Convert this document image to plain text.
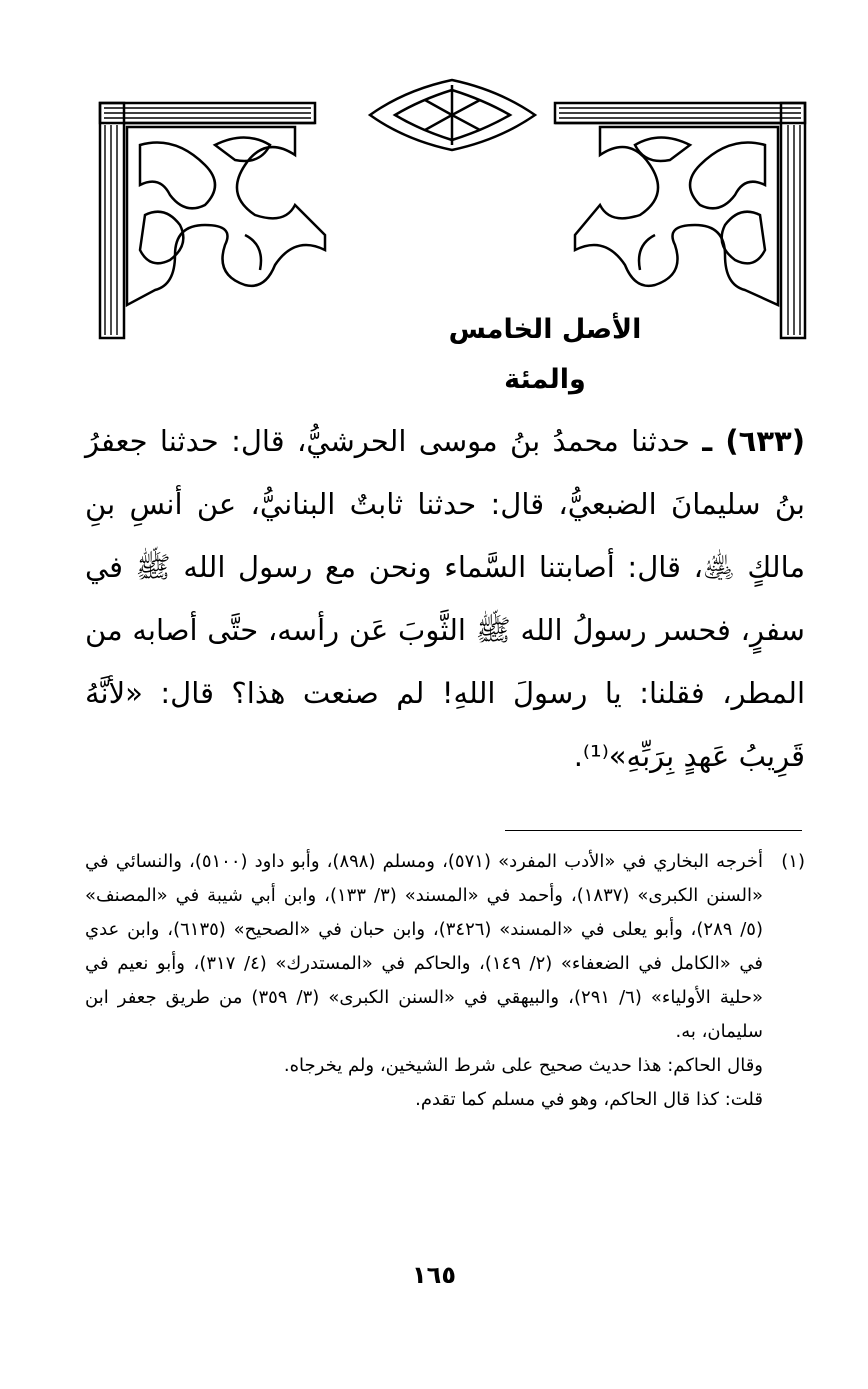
الأصل الخامس والمئة

(٦٣٣) ـ حدثنا محمدُ بنُ موسى الحرشيُّ، قال: حدثنا جعفرُ بنُ سليمانَ الضبعيُّ، قال: حدثنا ثابتٌ البنانيُّ، عن أنسِ بنِ مالكٍ ﵁، قال: أصابتنا السَّماء ونحن مع رسول الله ﷺ في سفرٍ، فحسر رسولُ الله ﷺ الثَّوبَ عَن رأسه، حتَّى أصابه من المطر، فقلنا: يا رسولَ اللهِ! لم صنعت هذا؟ قال: «لأنَّهُ قَرِيبُ عَهدٍ بِرَبِّهِ»⁽¹⁾.

(١)
أخرجه البخاري في «الأدب المفرد» (٥٧١)، ومسلم (٨٩٨)، وأبو داود (٥١٠٠)، والنسائي في «السنن الكبرى» (١٨٣٧)، وأحمد في «المسند» (٣/ ١٣٣)، وابن أبي شيبة في «المصنف» (٥/ ٢٨٩)، وأبو يعلى في «المسند» (٣٤٢٦)، وابن حبان في «الصحيح» (٦١٣٥)، وابن عدي في «الكامل في الضعفاء» (٢/ ١٤٩)، والحاكم في «المستدرك» (٤/ ٣١٧)، وأبو نعيم في «حلية الأولياء» (٦/ ٢٩١)، والبيهقي في «السنن الكبرى» (٣/ ٣٥٩) من طريق جعفر ابن سليمان، به.
وقال الحاكم: هذا حديث صحيح على شرط الشيخين، ولم يخرجاه.
قلت: كذا قال الحاكم، وهو في مسلم كما تقدم.
١٦٥
